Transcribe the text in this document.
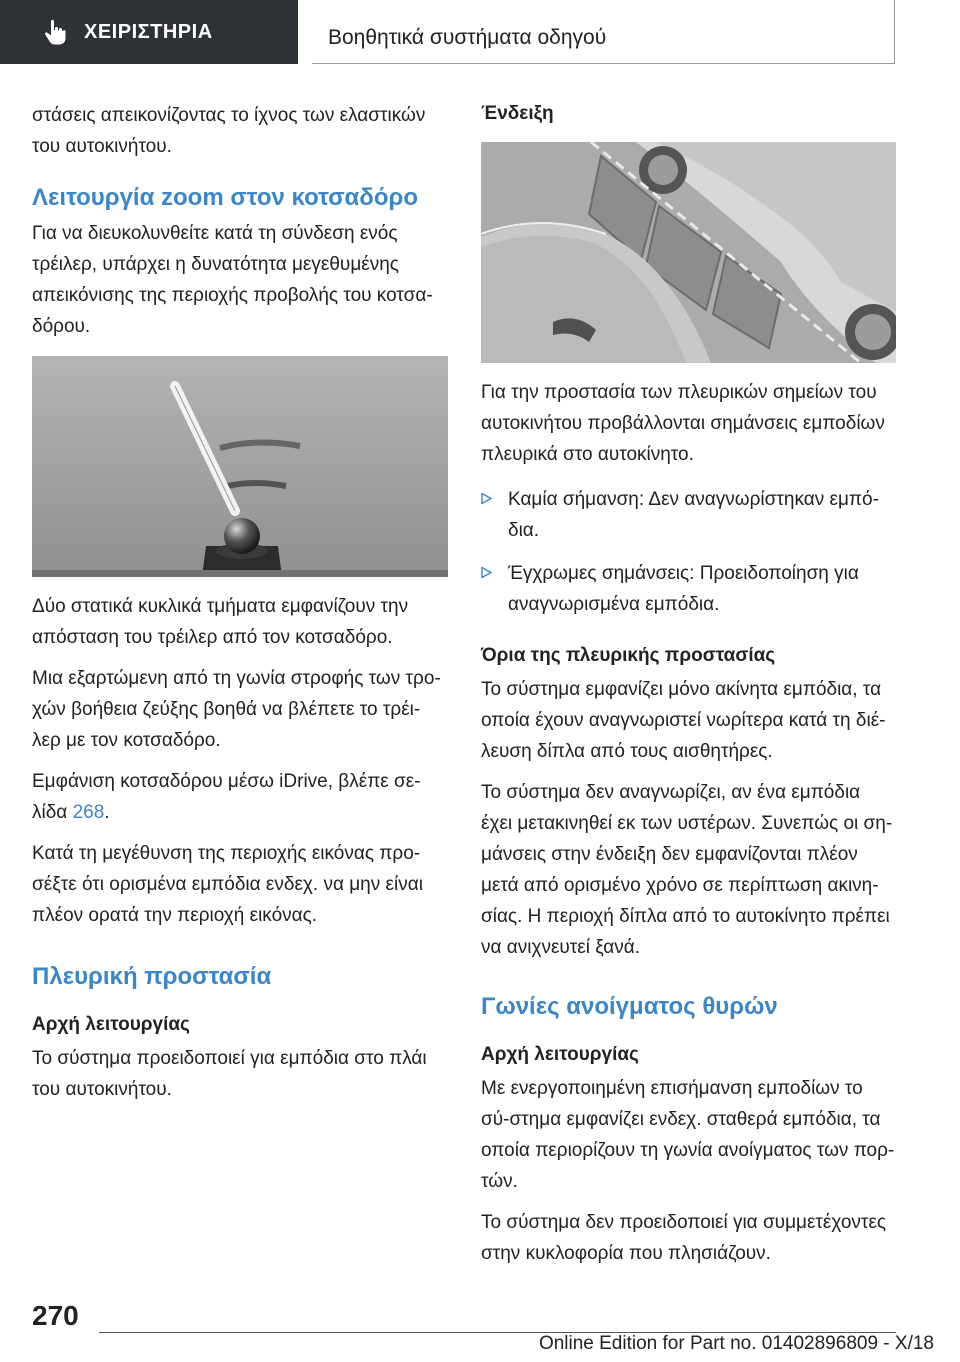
ΧΕΙΡΙΣΤΗΡΙΑ	Βοηθητικά συστήματα οδηγού

στάσεις απεικονίζοντας το ίχνος των ελαστικών του αυτοκινήτου.

Λειτουργία zoom στον κοτσαδόρο

Για να διευκολυνθείτε κατά τη σύνδεση ενός τρέιλερ, υπάρχει η δυνατότητα μεγεθυμένης απεικόνισης της περιοχής προβολής του κοτσα-δόρου.

Δύο στατικά κυκλικά τμήματα εμφανίζουν την απόσταση του τρέιλερ από τον κοτσαδόρο.

Μια εξαρτώμενη από τη γωνία στροφής των τρο-χών βοήθεια ζεύξης βοηθά να βλέπετε το τρέι-λερ με τον κοτσαδόρο.

Εμφάνιση κοτσαδόρου μέσω iDrive, βλέπε σε-λίδα 268.

Κατά τη μεγέθυνση της περιοχής εικόνας προ-σέξτε ότι ορισμένα εμπόδια ενδεχ. να μην είναι πλέον ορατά την περιοχή εικόνας.

Πλευρική προστασία
Αρχή λειτουργίας

Το σύστημα προειδοποιεί για εμπόδια στο πλάι του αυτοκινήτου.

Ένδειξη

Για την προστασία των πλευρικών σημείων του αυτοκινήτου προβάλλονται σημάνσεις εμποδίων πλευρικά στο αυτοκίνητο.

Καμία σήμανση: Δεν αναγνωρίστηκαν εμπό-δια.
Έγχρωμες σημάνσεις: Προειδοποίηση για αναγνωρισμένα εμπόδια.
Όρια της πλευρικής προστασίας

Το σύστημα εμφανίζει μόνο ακίνητα εμπόδια, τα οποία έχουν αναγνωριστεί νωρίτερα κατά τη διέ-λευση δίπλα από τους αισθητήρες.

Το σύστημα δεν αναγνωρίζει, αν ένα εμπόδια έχει μετακινηθεί εκ των υστέρων. Συνεπώς οι ση-μάνσεις στην ένδειξη δεν εμφανίζονται πλέον μετά από ορισμένο χρόνο σε περίπτωση ακινη-σίας. Η περιοχή δίπλα από το αυτοκίνητο πρέπει να ανιχνευτεί ξανά.

Γωνίες ανοίγματος θυρών
Αρχή λειτουργίας

Με ενεργοποιημένη επισήμανση εμποδίων το σύ-στημα εμφανίζει ενδεχ. σταθερά εμπόδια, τα οποία περιορίζουν τη γωνία ανοίγματος των πορ-τών.

Το σύστημα δεν προειδοποιεί για συμμετέχοντες στην κυκλοφορία που πλησιάζουν.

270
Online Edition for Part no. 01402896809 - X/18
